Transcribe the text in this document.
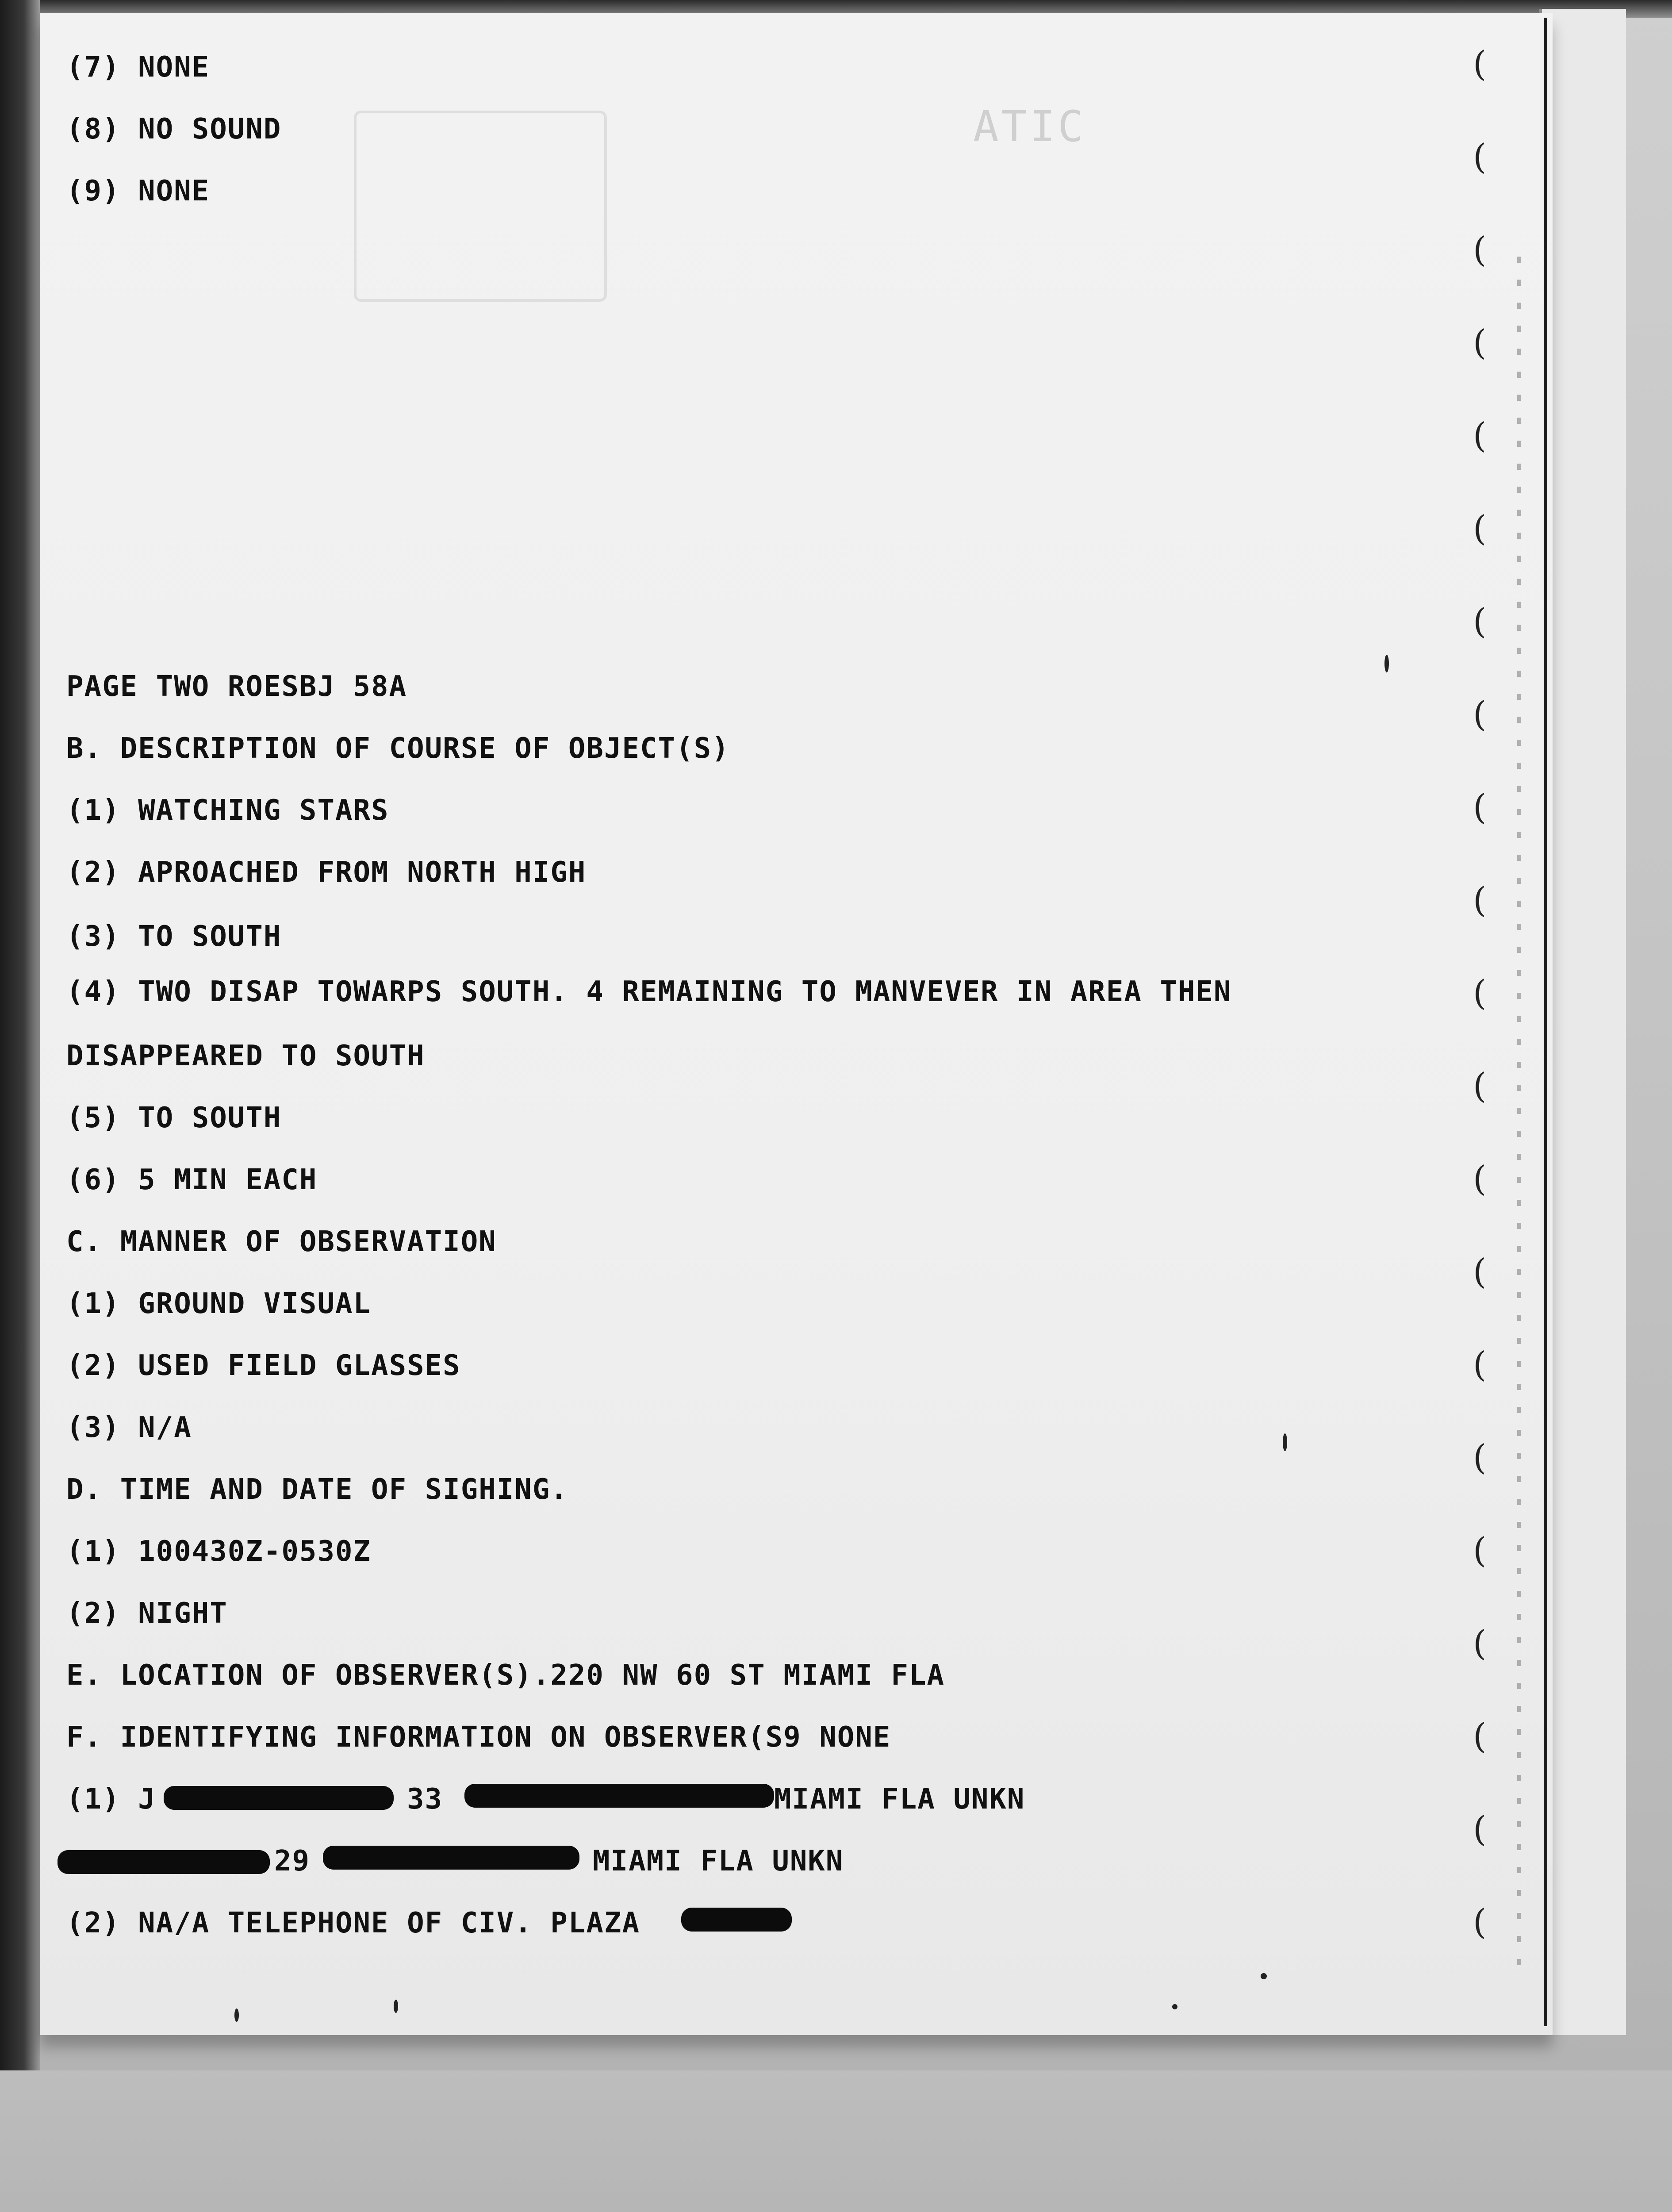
ATIC
(
(
(
(
(
(
(
(
(
(
(
(
(
(
(
(
(
(
(
(
(
(7) NONE
(8) NO SOUND
(9) NONE
PAGE TWO ROESBJ 58A
B. DESCRIPTION OF COURSE OF OBJECT(S)
(1) WATCHING STARS
(2) APROACHED FROM NORTH HIGH
(3) TO SOUTH
(4) TWO DISAP TOWARPS SOUTH. 4 REMAINING TO MANVEVER IN AREA THEN
DISAPPEARED TO SOUTH
(5) TO SOUTH
(6) 5 MIN EACH
C. MANNER OF OBSERVATION
(1) GROUND VISUAL
(2) USED FIELD GLASSES
(3) N/A
D. TIME AND DATE OF SIGHING.
(1) 100430Z-0530Z
(2) NIGHT
E. LOCATION OF OBSERVER(S).220 NW 60 ST MIAMI FLA
F. IDENTIFYING INFORMATION ON OBSERVER(S9 NONE
(1) J	33	MIAMI FLA UNKN
29	MIAMI FLA UNKN
(2) NA/A TELEPHONE OF CIV. PLAZA
